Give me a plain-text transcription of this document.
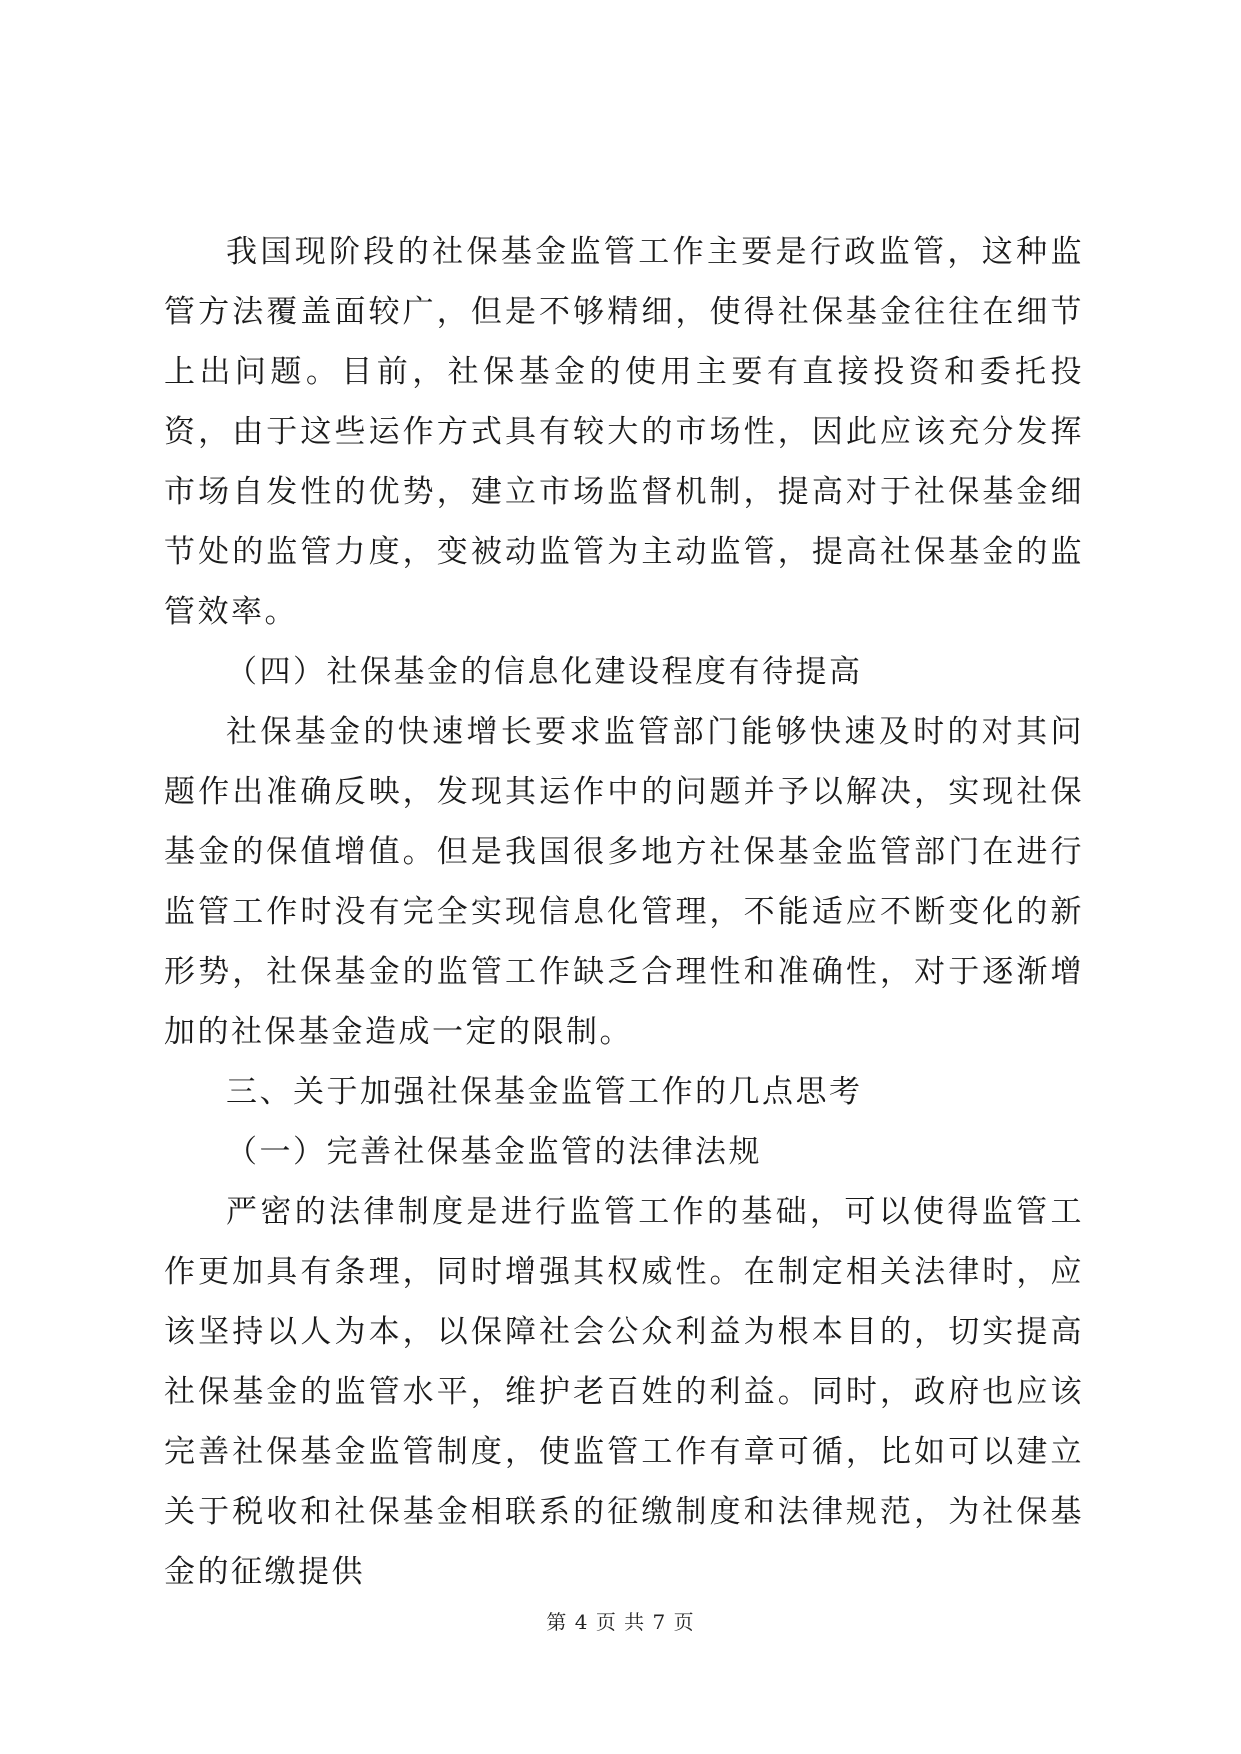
我国现阶段的社保基金监管工作主要是行政监管，这种监管方法覆盖面较广，但是不够精细，使得社保基金往往在细节上出问题。目前，社保基金的使用主要有直接投资和委托投资，由于这些运作方式具有较大的市场性，因此应该充分发挥市场自发性的优势，建立市场监督机制，提高对于社保基金细节处的监管力度，变被动监管为主动监管，提高社保基金的监管效率。

（四）社保基金的信息化建设程度有待提高

社保基金的快速增长要求监管部门能够快速及时的对其问题作出准确反映，发现其运作中的问题并予以解决，实现社保基金的保值增值。但是我国很多地方社保基金监管部门在进行监管工作时没有完全实现信息化管理，不能适应不断变化的新形势，社保基金的监管工作缺乏合理性和准确性，对于逐渐增加的社保基金造成一定的限制。

三、关于加强社保基金监管工作的几点思考

（一）完善社保基金监管的法律法规

严密的法律制度是进行监管工作的基础，可以使得监管工作更加具有条理，同时增强其权威性。在制定相关法律时，应该坚持以人为本，以保障社会公众利益为根本目的，切实提高社保基金的监管水平，维护老百姓的利益。同时，政府也应该完善社保基金监管制度，使监管工作有章可循，比如可以建立关于税收和社保基金相联系的征缴制度和法律规范，为社保基金的征缴提供

第 4 页 共 7 页
